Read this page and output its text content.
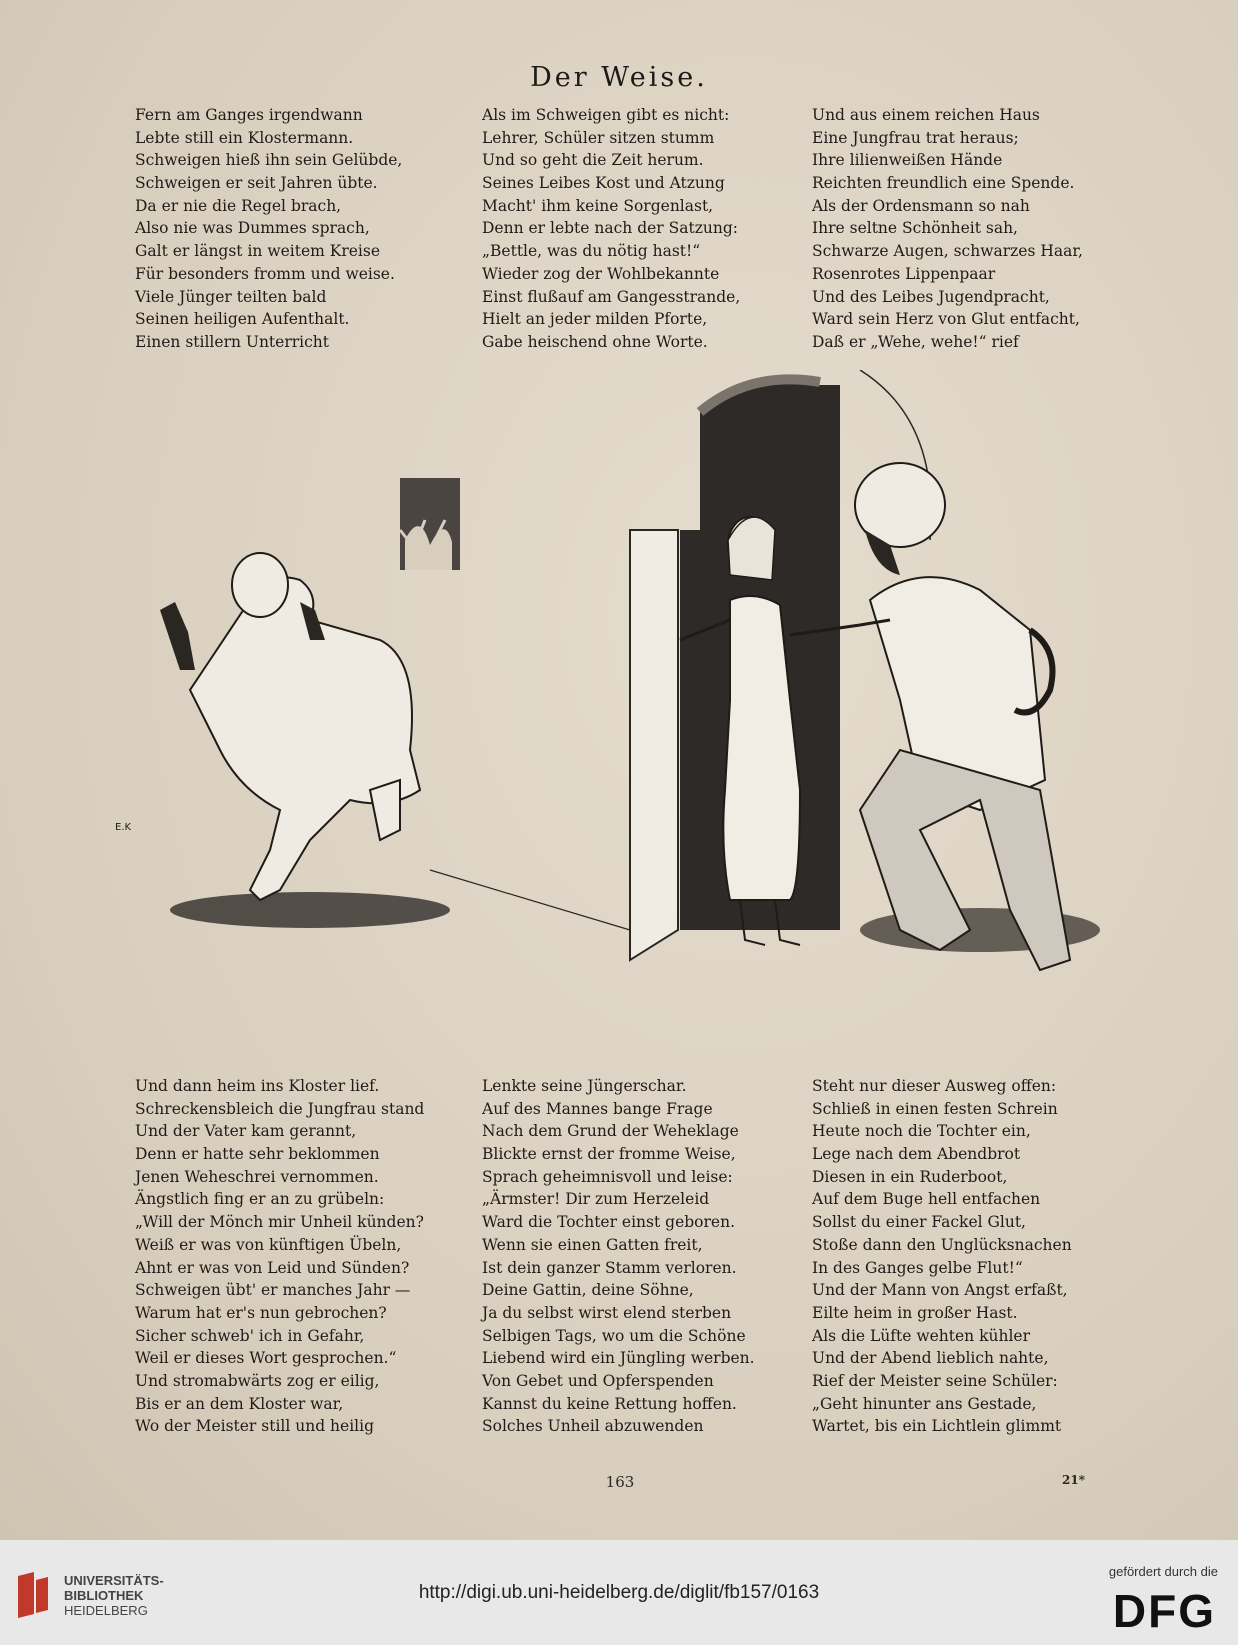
Der Weise.
Fern am Ganges irgendwann
Lebte still ein Klostermann.
Schweigen hieß ihn sein Gelübde,
Schweigen er seit Jahren übte.
Da er nie die Regel brach,
Also nie was Dummes sprach,
Galt er längst in weitem Kreise
Für besonders fromm und weise.
Viele Jünger teilten bald
Seinen heiligen Aufenthalt.
Einen stillern Unterricht
Als im Schweigen gibt es nicht:
Lehrer, Schüler sitzen stumm
Und so geht die Zeit herum.
Seines Leibes Kost und Atzung
Macht' ihm keine Sorgenlast,
Denn er lebte nach der Satzung:
„Bettle, was du nötig hast!“
Wieder zog der Wohlbekannte
Einst flußauf am Gangesstrande,
Hielt an jeder milden Pforte,
Gabe heischend ohne Worte.
Und aus einem reichen Haus
Eine Jungfrau trat heraus;
Ihre lilienweißen Hände
Reichten freundlich eine Spende.
Als der Ordensmann so nah
Ihre seltne Schönheit sah,
Schwarze Augen, schwarzes Haar,
Rosenrotes Lippenpaar
Und des Leibes Jugendpracht,
Ward sein Herz von Glut entfacht,
Daß er „Wehe, wehe!“ rief
E.K
Und dann heim ins Kloster lief.
Schreckensbleich die Jungfrau stand
Und der Vater kam gerannt,
Denn er hatte sehr beklommen
Jenen Weheschrei vernommen.
Ängstlich fing er an zu grübeln:
„Will der Mönch mir Unheil künden?
Weiß er was von künftigen Übeln,
Ahnt er was von Leid und Sünden?
Schweigen übt' er manches Jahr —
Warum hat er's nun gebrochen?
Sicher schweb' ich in Gefahr,
Weil er dieses Wort gesprochen.“
Und stromabwärts zog er eilig,
Bis er an dem Kloster war,
Wo der Meister still und heilig
Lenkte seine Jüngerschar.
Auf des Mannes bange Frage
Nach dem Grund der Weheklage
Blickte ernst der fromme Weise,
Sprach geheimnisvoll und leise:
„Ärmster! Dir zum Herzeleid
Ward die Tochter einst geboren.
Wenn sie einen Gatten freit,
Ist dein ganzer Stamm verloren.
Deine Gattin, deine Söhne,
Ja du selbst wirst elend sterben
Selbigen Tags, wo um die Schöne
Liebend wird ein Jüngling werben.
Von Gebet und Opferspenden
Kannst du keine Rettung hoffen.
Solches Unheil abzuwenden
Steht nur dieser Ausweg offen:
Schließ in einen festen Schrein
Heute noch die Tochter ein,
Lege nach dem Abendbrot
Diesen in ein Ruderboot,
Auf dem Buge hell entfachen
Sollst du einer Fackel Glut,
Stoße dann den Unglücksnachen
In des Ganges gelbe Flut!“
Und der Mann von Angst erfaßt,
Eilte heim in großer Hast.
Als die Lüfte wehten kühler
Und der Abend lieblich nahte,
Rief der Meister seine Schüler:
„Geht hinunter ans Gestade,
Wartet, bis ein Lichtlein glimmt
163	21*
UNIVERSITÄTS-
BIBLIOTHEK
HEIDELBERG
http://digi.ub.uni-heidelberg.de/diglit/fb157/0163
gefördert durch die
DFG
